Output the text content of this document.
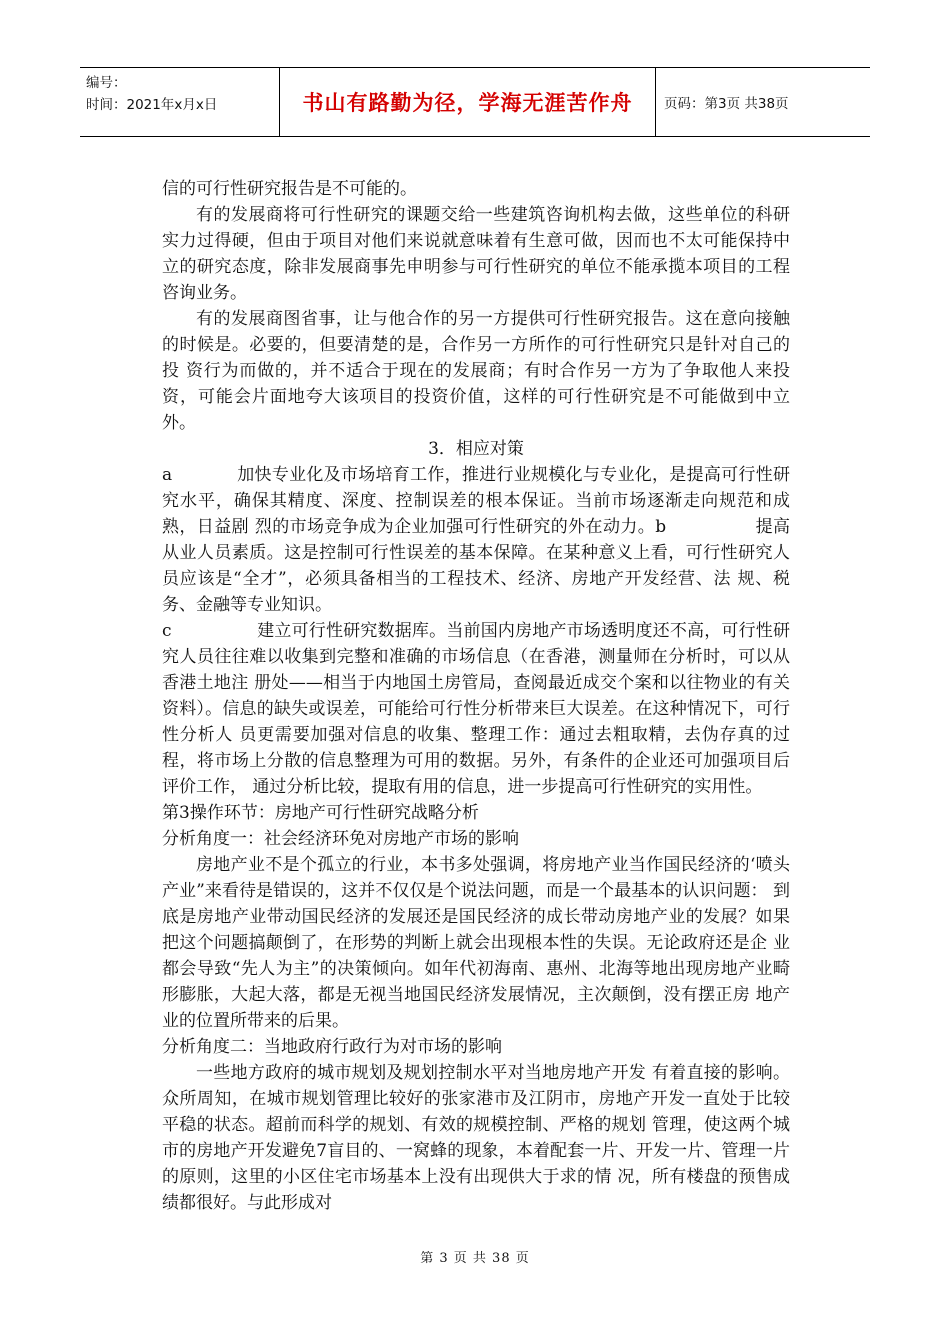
编号：
时间：2021年x月x日	书山有路勤为径，学海无涯苦作舟	页码：第3页 共38页

信的可行性研究报告是不可能的。

有的发展商将可行性研究的课题交给一些建筑咨询机构去做，这些单位的科研实力过得硬，但由于项目对他们来说就意味着有生意可做，因而也不太可能保持中立的研究态度，除非发展商事先申明参与可行性研究的单位不能承揽本项目的工程咨询业务。

有的发展商图省事，让与他合作的另一方提供可行性研究报告。这在意向接触的时候是。必要的，但要清楚的是，合作另一方所作的可行性研究只是针对自己的投 资行为而做的，并不适合于现在的发展商；有时合作另一方为了争取他人来投资，可能会片面地夸大该项目的投资价值，这样的可行性研究是不可能做到中立外。

3．相应对策

a	加快专业化及市场培育工作，推进行业规模化与专业化，是提高可行性研究水平，确保其精度、深度、控制误差的根本保证。当前市场逐渐走向规范和成熟，日益剧 烈的市场竞争成为企业加强可行性研究的外在动力。b	提高从业人员素质。这是控制可行性误差的基本保障。在某种意义上看，可行性研究人员应该是“全才”，必须具备相当的工程技术、经济、房地产开发经营、法 规、税务、金融等专业知识。

c	建立可行性研究数据库。当前国内房地产市场透明度还不高，可行性研究人员往往难以收集到完整和准确的市场信息（在香港，测量师在分析时，可以从香港土地注 册处——相当于内地国土房管局，查阅最近成交个案和以往物业的有关资料）。信息的缺失或误差，可能给可行性分析带来巨大误差。在这种情况下，可行性分析人 员更需要加强对信息的收集、整理工作：通过去粗取精，去伪存真的过程，将市场上分散的信息整理为可用的数据。另外，有条件的企业还可加强项目后评价工作， 通过分析比较，提取有用的信息，进一步提高可行性研究的实用性。

第3操作环节：房地产可行性研究战略分析

分析角度一：社会经济环免对房地产市场的影响

房地产业不是个孤立的行业，本书多处强调，将房地产业当作国民经济的‘喷头产业”来看待是错误的，这并不仅仅是个说法问题，而是一个最基本的认识问题： 到底是房地产业带动国民经济的发展还是国民经济的成长带动房地产业的发展？如果把这个问题搞颠倒了，在形势的判断上就会出现根本性的失误。无论政府还是企 业都会导致“先人为主”的决策倾向。如年代初海南、惠州、北海等地出现房地产业畸形膨胀，大起大落，都是无视当地国民经济发展情况，主次颠倒，没有摆正房 地产业的位置所带来的后果。

分析角度二：当地政府行政行为对市场的影响

一些地方政府的城市规划及规划控制水平对当地房地产开发 有着直接的影响。众所周知，在城市规划管理比较好的张家港市及江阴市，房地产开发一直处于比较平稳的状态。超前而科学的规划、有效的规模控制、严格的规划 管理，使这两个城市的房地产开发避免7盲目的、一窝蜂的现象，本着配套一片、开发一片、管理一片的原则，这里的小区住宅市场基本上没有出现供大于求的情 况，所有楼盘的预售成绩都很好。与此形成对

第 3 页 共 38 页
